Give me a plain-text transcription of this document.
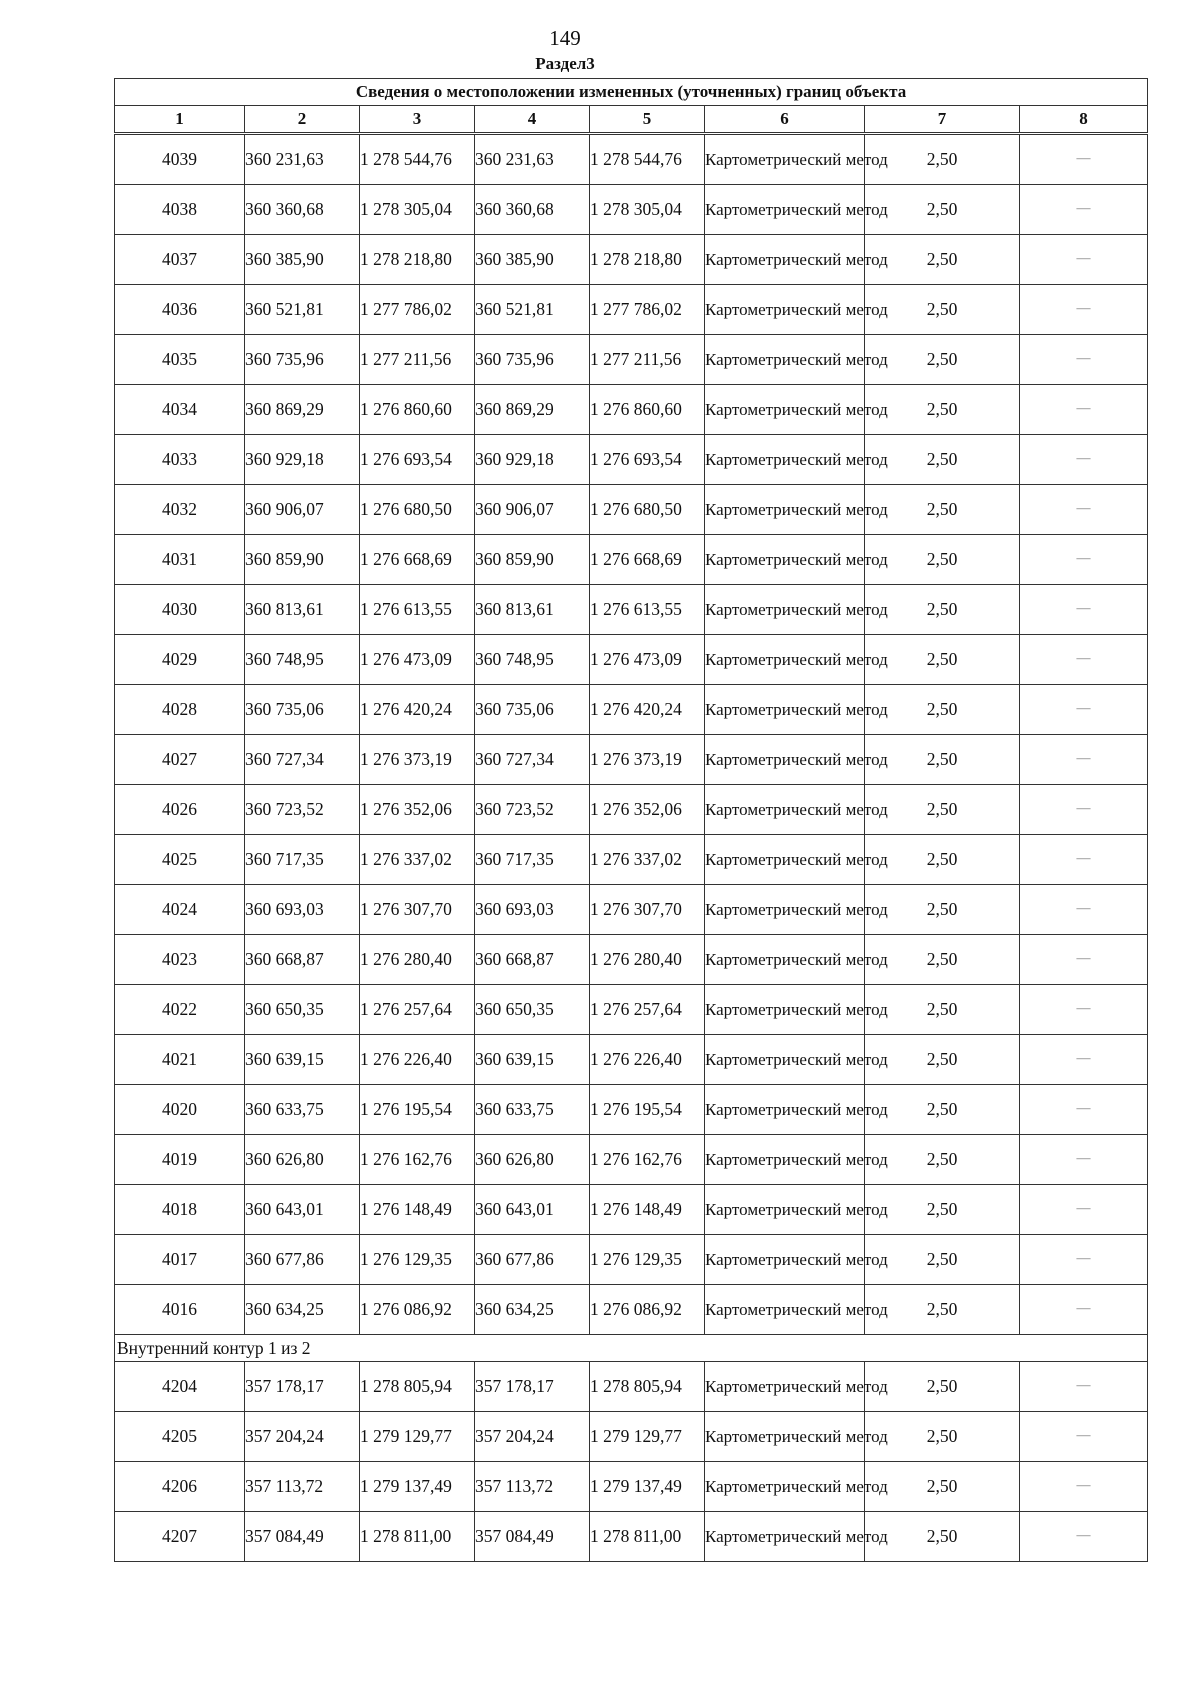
149
Раздел3
Сведения о местоположении измененных (уточненных) границ объекта							
1	2	3	4	5	6	7	8
4039	360 231,63	1 278 544,76	360 231,63	1 278 544,76	Картометрический метод	2,50	—
4038	360 360,68	1 278 305,04	360 360,68	1 278 305,04	Картометрический метод	2,50	—
4037	360 385,90	1 278 218,80	360 385,90	1 278 218,80	Картометрический метод	2,50	—
4036	360 521,81	1 277 786,02	360 521,81	1 277 786,02	Картометрический метод	2,50	—
4035	360 735,96	1 277 211,56	360 735,96	1 277 211,56	Картометрический метод	2,50	—
4034	360 869,29	1 276 860,60	360 869,29	1 276 860,60	Картометрический метод	2,50	—
4033	360 929,18	1 276 693,54	360 929,18	1 276 693,54	Картометрический метод	2,50	—
4032	360 906,07	1 276 680,50	360 906,07	1 276 680,50	Картометрический метод	2,50	—
4031	360 859,90	1 276 668,69	360 859,90	1 276 668,69	Картометрический метод	2,50	—
4030	360 813,61	1 276 613,55	360 813,61	1 276 613,55	Картометрический метод	2,50	—
4029	360 748,95	1 276 473,09	360 748,95	1 276 473,09	Картометрический метод	2,50	—
4028	360 735,06	1 276 420,24	360 735,06	1 276 420,24	Картометрический метод	2,50	—
4027	360 727,34	1 276 373,19	360 727,34	1 276 373,19	Картометрический метод	2,50	—
4026	360 723,52	1 276 352,06	360 723,52	1 276 352,06	Картометрический метод	2,50	—
4025	360 717,35	1 276 337,02	360 717,35	1 276 337,02	Картометрический метод	2,50	—
4024	360 693,03	1 276 307,70	360 693,03	1 276 307,70	Картометрический метод	2,50	—
4023	360 668,87	1 276 280,40	360 668,87	1 276 280,40	Картометрический метод	2,50	—
4022	360 650,35	1 276 257,64	360 650,35	1 276 257,64	Картометрический метод	2,50	—
4021	360 639,15	1 276 226,40	360 639,15	1 276 226,40	Картометрический метод	2,50	—
4020	360 633,75	1 276 195,54	360 633,75	1 276 195,54	Картометрический метод	2,50	—
4019	360 626,80	1 276 162,76	360 626,80	1 276 162,76	Картометрический метод	2,50	—
4018	360 643,01	1 276 148,49	360 643,01	1 276 148,49	Картометрический метод	2,50	—
4017	360 677,86	1 276 129,35	360 677,86	1 276 129,35	Картометрический метод	2,50	—
4016	360 634,25	1 276 086,92	360 634,25	1 276 086,92	Картометрический метод	2,50	—
Внутренний контур 1 из 2							
4204	357 178,17	1 278 805,94	357 178,17	1 278 805,94	Картометрический метод	2,50	—
4205	357 204,24	1 279 129,77	357 204,24	1 279 129,77	Картометрический метод	2,50	—
4206	357 113,72	1 279 137,49	357 113,72	1 279 137,49	Картометрический метод	2,50	—
4207	357 084,49	1 278 811,00	357 084,49	1 278 811,00	Картометрический метод	2,50	—
